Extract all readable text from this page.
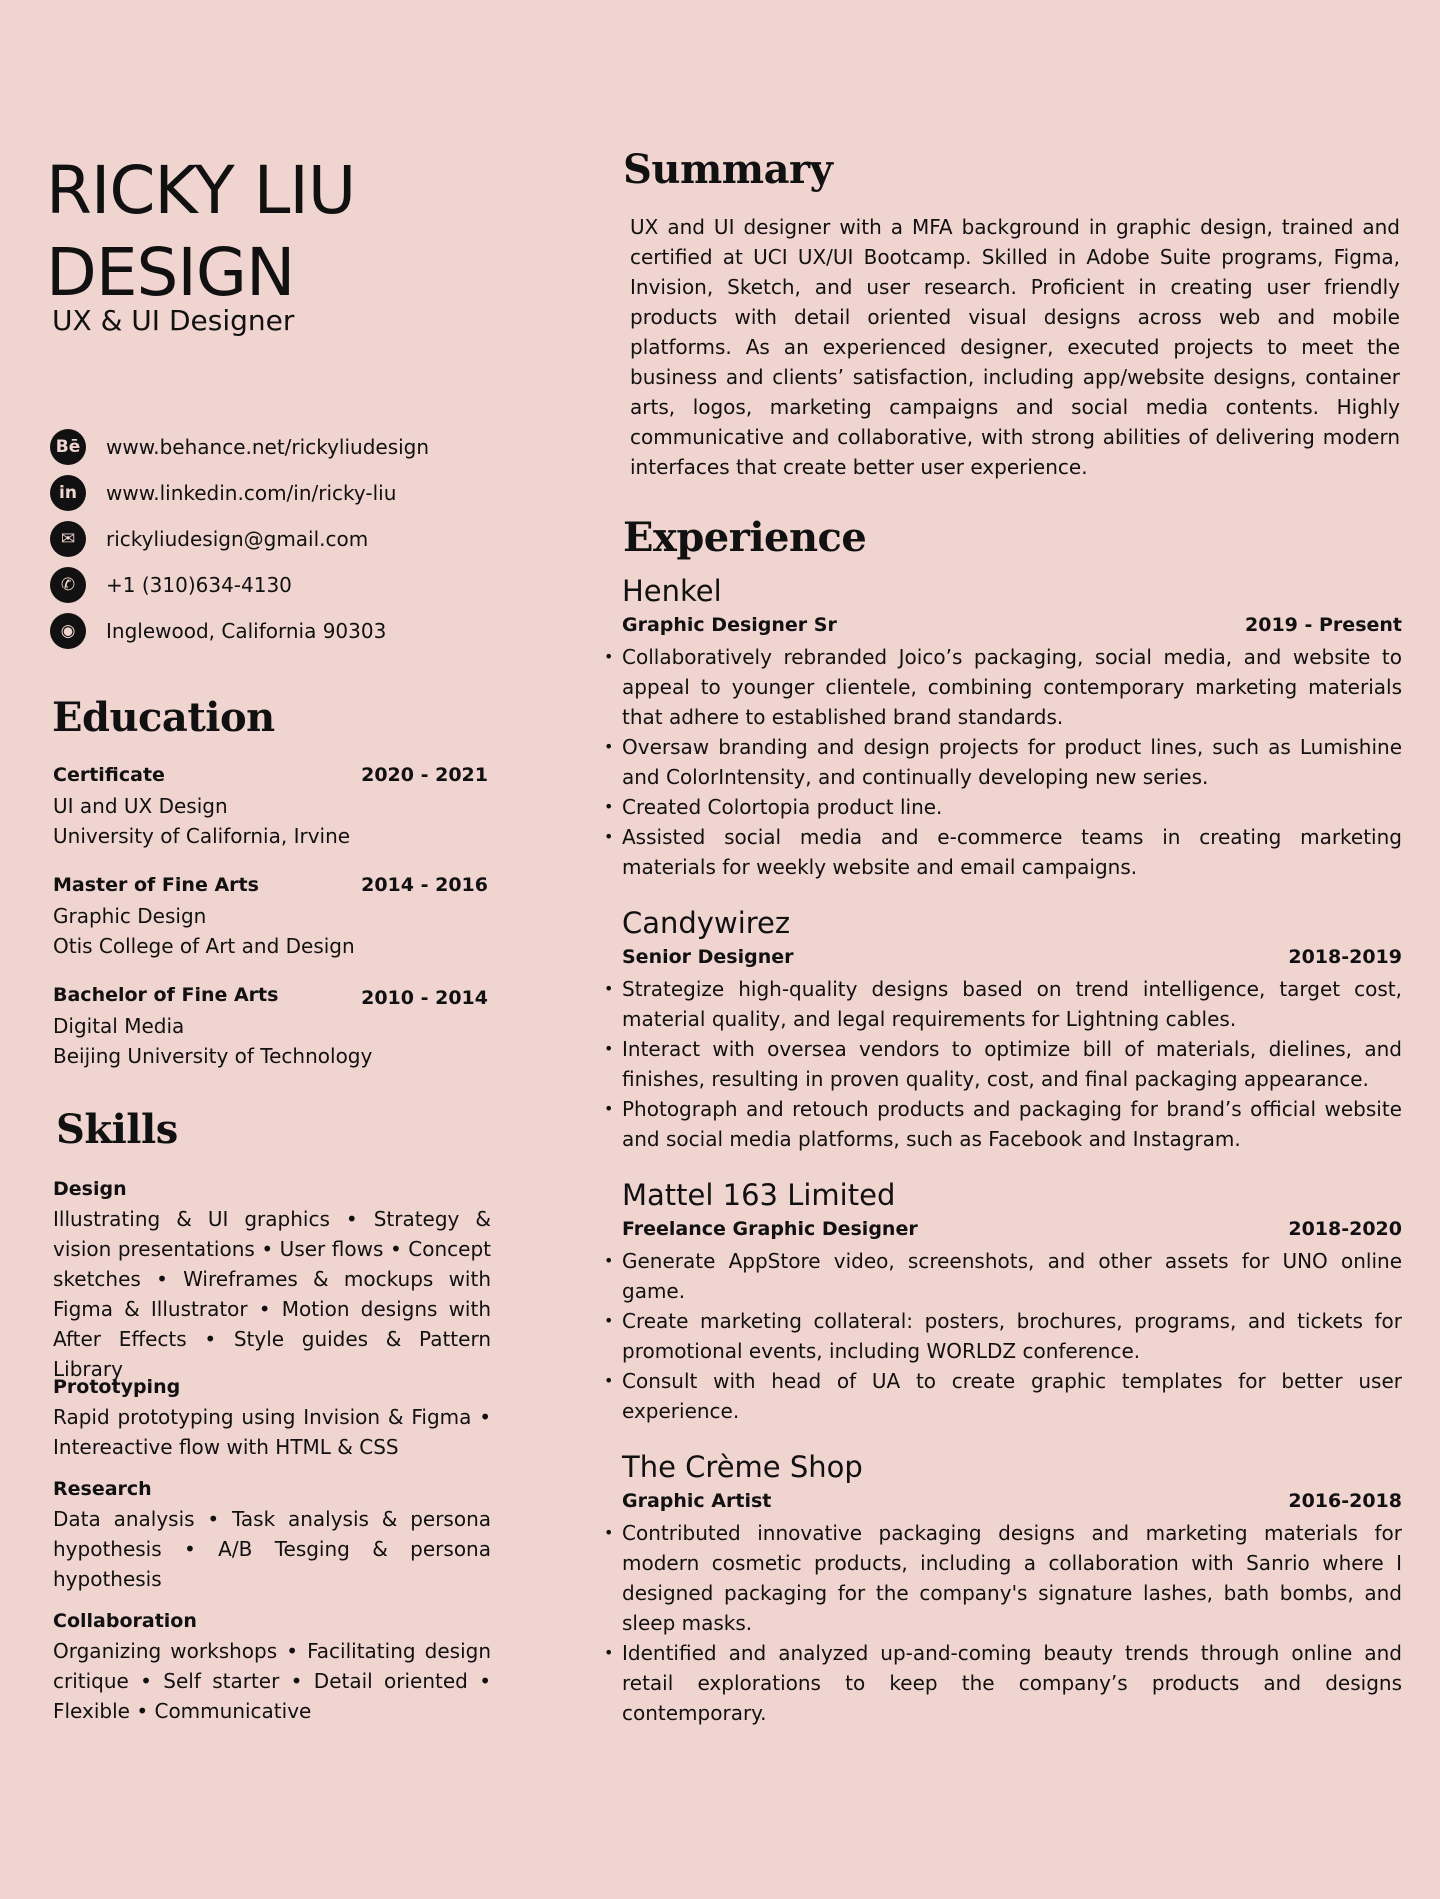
RICKY LIU
DESIGN
UX & UI Designer
Bē www.behance.net/rickyliudesign
in	www.linkedin.com/in/ricky-liu
✉	rickyliudesign@gmail.com
✆	+1 (310)634-4130
◉	Inglewood, California 90303
Education
Certificate	2020 - 2021
UI and UX Design
University of California, Irvine
Master of Fine Arts	2014 - 2016
Graphic Design
Otis College of Art and Design
Bachelor of Fine Arts	2010 - 2014
Digital Media
Beijing University of Technology
Skills
Design
Illustrating & UI graphics • Strategy & vision presentations • User flows • Concept sketches • Wireframes & mockups with Figma & Illustrator • Motion designs with After Effects • Style guides & Pattern Library
Prototyping
Rapid prototyping using Invision & Figma • Intereactive flow with HTML & CSS
Research
Data analysis • Task analysis & persona hypothesis • A/B Tesging & persona hypothesis
Collaboration
Organizing workshops • Facilitating design critique • Self starter • Detail oriented • Flexible • Communicative
Summary
UX and UI designer with a MFA background in graphic design, trained and certified at UCI UX/UI Bootcamp. Skilled in Adobe Suite programs, Figma, Invision, Sketch, and user research. Proficient in creating user friendly products with detail oriented visual designs across web and mobile platforms. As an experienced designer, executed projects to meet the business and clients’ satisfaction, including app/website designs, container arts, logos, marketing campaigns and social media contents. Highly communicative and collaborative, with strong abilities of delivering modern interfaces that create better user experience.
Experience
Henkel
Graphic Designer Sr	2019 - Present
• Collaboratively rebranded Joico’s packaging, social media, and website to appeal to younger clientele, combining contemporary marketing materials that adhere to established brand standards.
• Oversaw branding and design projects for product lines, such as Lumishine and ColorIntensity, and continually developing new series.
• Created Colortopia product line.
• Assisted social media and e-commerce teams in creating marketing materials for weekly website and email campaigns.
Candywirez
Senior Designer	2018-2019
• Strategize high-quality designs based on trend intelligence, target cost, material quality, and legal requirements for Lightning cables.
• Interact with oversea vendors to optimize bill of materials, dielines, and finishes, resulting in proven quality, cost, and final packaging appearance.
• Photograph and retouch products and packaging for brand’s official website and social media platforms, such as Facebook and Instagram.
Mattel 163 Limited
Freelance Graphic Designer	2018-2020
• Generate AppStore video, screenshots, and other assets for UNO online game.
• Create marketing collateral: posters, brochures, programs, and tickets for promotional events, including WORLDZ conference.
• Consult with head of UA to create graphic templates for better user experience.
The Crème Shop
Graphic Artist	2016-2018
• Contributed innovative packaging designs and marketing materials for modern cosmetic products, including a collaboration with Sanrio where I designed packaging for the company's signature lashes, bath bombs, and sleep masks.
• Identified and analyzed up-and-coming beauty trends through online and retail explorations to keep the company’s products and designs contemporary.
